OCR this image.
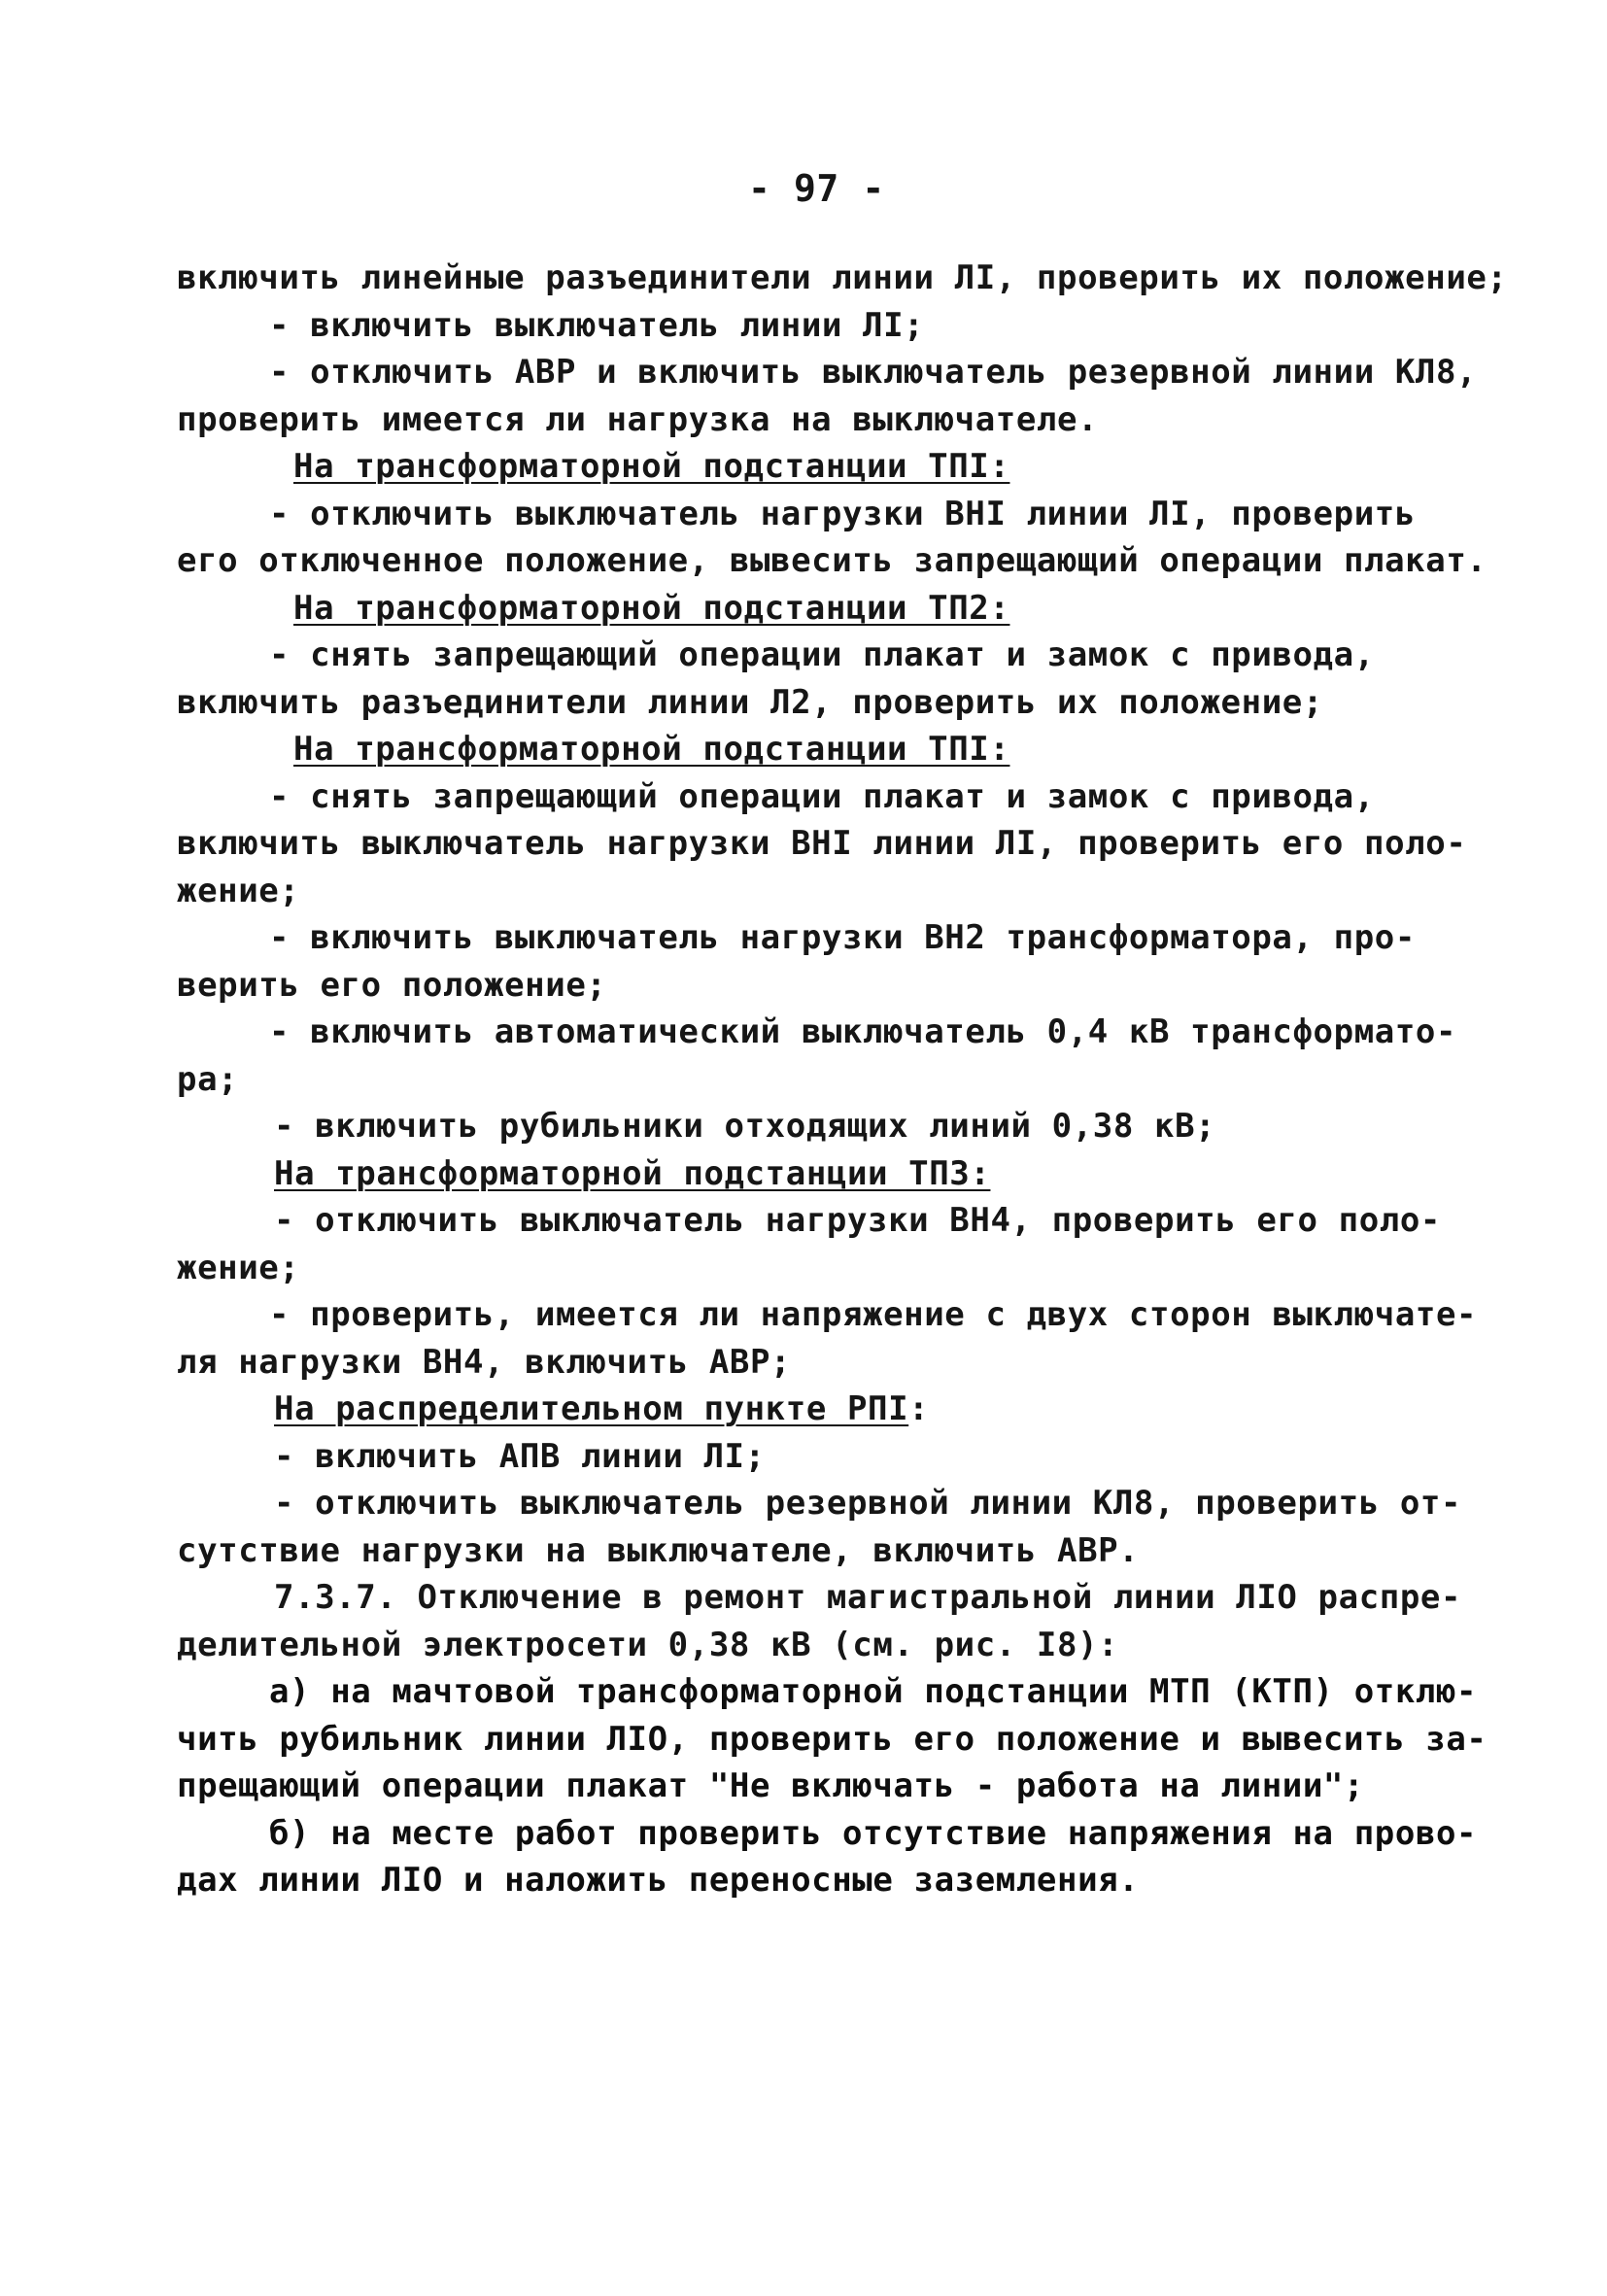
- 97 -
включить линейные разъединители линии ЛI, проверить их положение;
- включить выключатель линии ЛI;
- отключить АВР и включить выключатель резервной линии КЛ8,
проверить имеется ли нагрузка на выключателе.
На трансформаторной подстанции ТПI:
- отключить выключатель нагрузки ВНI линии ЛI, проверить
его отключенное положение, вывесить запрещающий операции плакат.
На трансформаторной подстанции ТП2:
- снять запрещающий операции плакат и замок с привода,
включить разъединители линии Л2, проверить их положение;
На трансформаторной подстанции ТПI:
- снять запрещающий операции плакат и замок с привода,
включить выключатель нагрузки ВНI линии ЛI, проверить его поло-
жение;
- включить выключатель нагрузки ВН2 трансформатора, про-
верить его положение;
- включить автоматический выключатель 0,4 кВ трансформато-
ра;
- включить рубильники отходящих линий 0,38 кВ;
На трансформаторной подстанции ТП3:
- отключить выключатель нагрузки ВН4, проверить его поло-
жение;
- проверить, имеется ли напряжение с двух сторон выключате-
ля нагрузки ВН4, включить АВР;
На распределительном пункте РПI:
- включить АПВ линии ЛI;
- отключить выключатель резервной линии КЛ8, проверить от-
сутствие нагрузки на выключателе, включить АВР.
7.3.7. Отключение в ремонт магистральной линии ЛIО распре-
делительной электросети 0,38 кВ (см. рис. I8):
а) на мачтовой трансформаторной подстанции МТП (КТП) отклю-
чить рубильник линии ЛIО, проверить его положение и вывесить за-
прещающий операции плакат "Не включать - работа на линии";
б) на месте работ проверить отсутствие напряжения на прово-
дах линии ЛIО и наложить переносные заземления.
